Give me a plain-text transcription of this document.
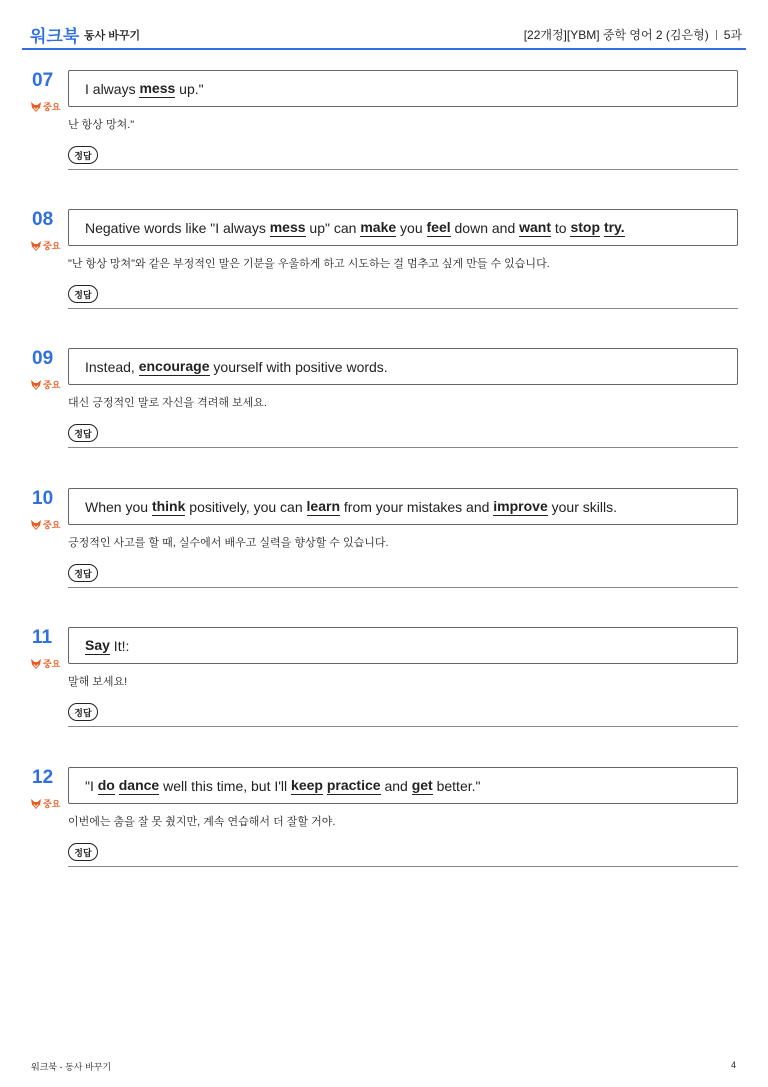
워크북 동사 바꾸기	[22개정][YBM] 중학 영어 2 (김은형) 5과
07
중요
I always mess up."
난 항상 망쳐."
정답
08
중요
Negative words like "I always mess up" can make you feel down and want to stop
try.
"난 항상 망쳐"와 같은 부정적인 말은 기분을 우울하게 하고 시도하는 걸 멈추고 싶게 만들 수 있습니다.
정답
09
중요
Instead, encourage yourself with positive words.
대신 긍정적인 말로 자신을 격려해 보세요.
정답
10
중요
When you think positively, you can learn from your mistakes and improve your skills.
긍정적인 사고를 할 때, 실수에서 배우고 실력을 향상할 수 있습니다.
정답
11
중요
Say It!:
말해 보세요!
정답
12
중요
"I do
dance well this time, but I'll keep
practice and get better."
이번에는 춤을 잘 못 췄지만, 계속 연습해서 더 잘할 거야.
정답
워크북 - 동사 바꾸기	4
